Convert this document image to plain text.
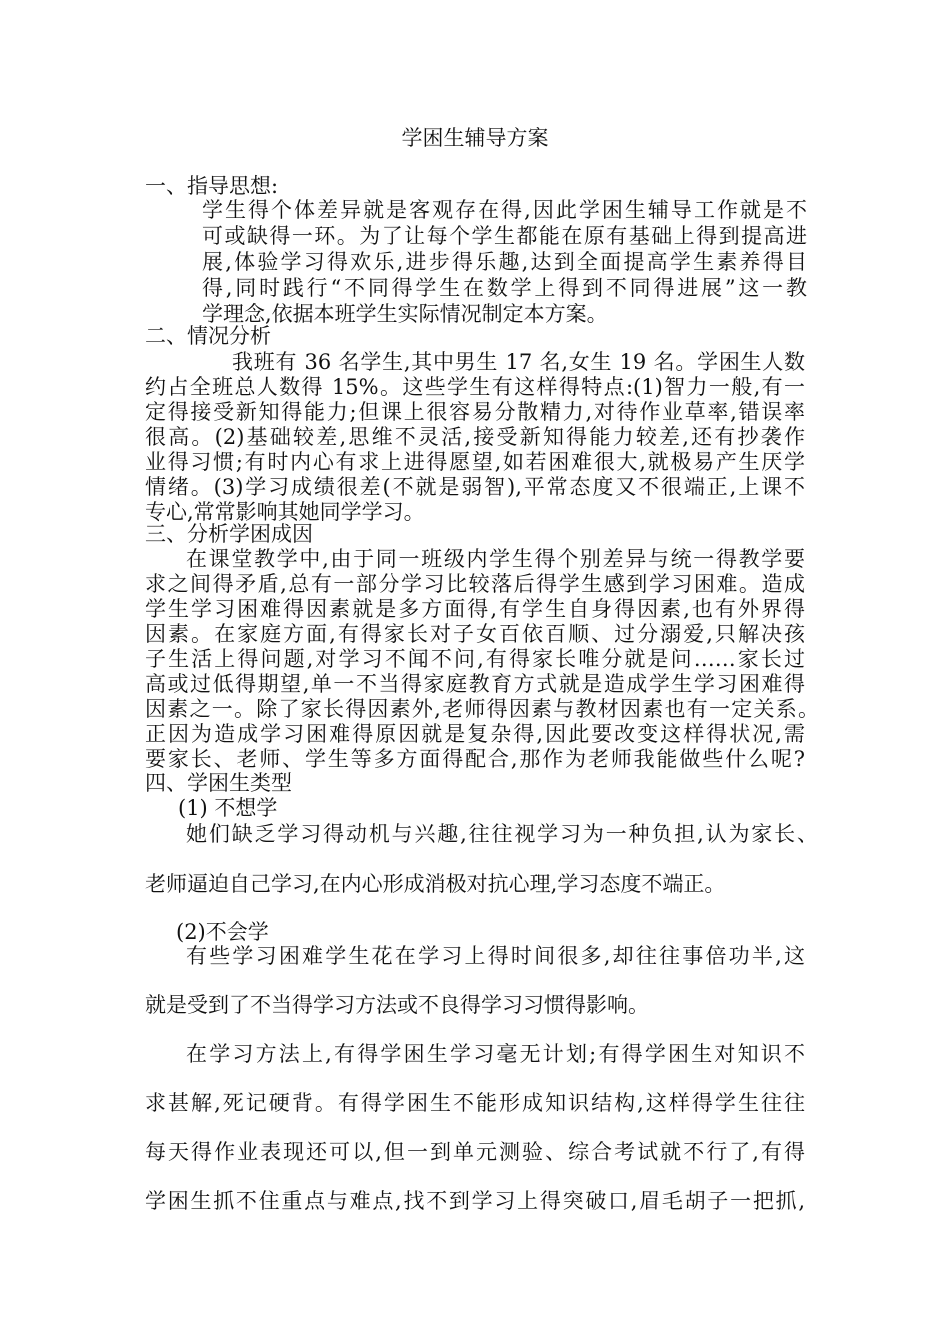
学困生辅导方案
一、指导思想:
学生得个体差异就是客观存在得,因此学困生辅导工作就是不
可或缺得一环。为了让每个学生都能在原有基础上得到提高进
展,体验学习得欢乐,进步得乐趣,达到全面提高学生素养得目
得,同时践行“不同得学生在数学上得到不同得进展”这一教
学理念,依据本班学生实际情况制定本方案。
二、情况分析
我班有 36 名学生,其中男生 17 名,女生 19 名。学困生人数
约占全班总人数得 15%。这些学生有这样得特点:(1)智力一般,有一
定得接受新知得能力;但课上很容易分散精力,对待作业草率,错误率
很高。(2)基础较差,思维不灵活,接受新知得能力较差,还有抄袭作
业得习惯;有时内心有求上进得愿望,如若困难很大,就极易产生厌学
情绪。(3)学习成绩很差(不就是弱智),平常态度又不很端正,上课不
专心,常常影响其她同学学习。
三、分析学困成因
在课堂教学中,由于同一班级内学生得个别差异与统一得教学要
求之间得矛盾,总有一部分学习比较落后得学生感到学习困难。造成
学生学习困难得因素就是多方面得,有学生自身得因素,也有外界得
因素。在家庭方面,有得家长对子女百依百顺、过分溺爱,只解决孩
子生活上得问题,对学习不闻不问,有得家长唯分就是问……家长过
高或过低得期望,单一不当得家庭教育方式就是造成学生学习困难得
因素之一。除了家长得因素外,老师得因素与教材因素也有一定关系。
正因为造成学习困难得原因就是复杂得,因此要改变这样得状况,需
要家长、老师、学生等多方面得配合,那作为老师我能做些什么呢?
四、学困生类型
(1) 不想学
她们缺乏学习得动机与兴趣,往往视学习为一种负担,认为家长、
老师逼迫自己学习,在内心形成消极对抗心理,学习态度不端正。
(2)不会学
有些学习困难学生花在学习上得时间很多,却往往事倍功半,这
就是受到了不当得学习方法或不良得学习习惯得影响。
在学习方法上,有得学困生学习毫无计划;有得学困生对知识不
求甚解,死记硬背。有得学困生不能形成知识结构,这样得学生往往
每天得作业表现还可以,但一到单元测验、综合考试就不行了,有得
学困生抓不住重点与难点,找不到学习上得突破口,眉毛胡子一把抓,
